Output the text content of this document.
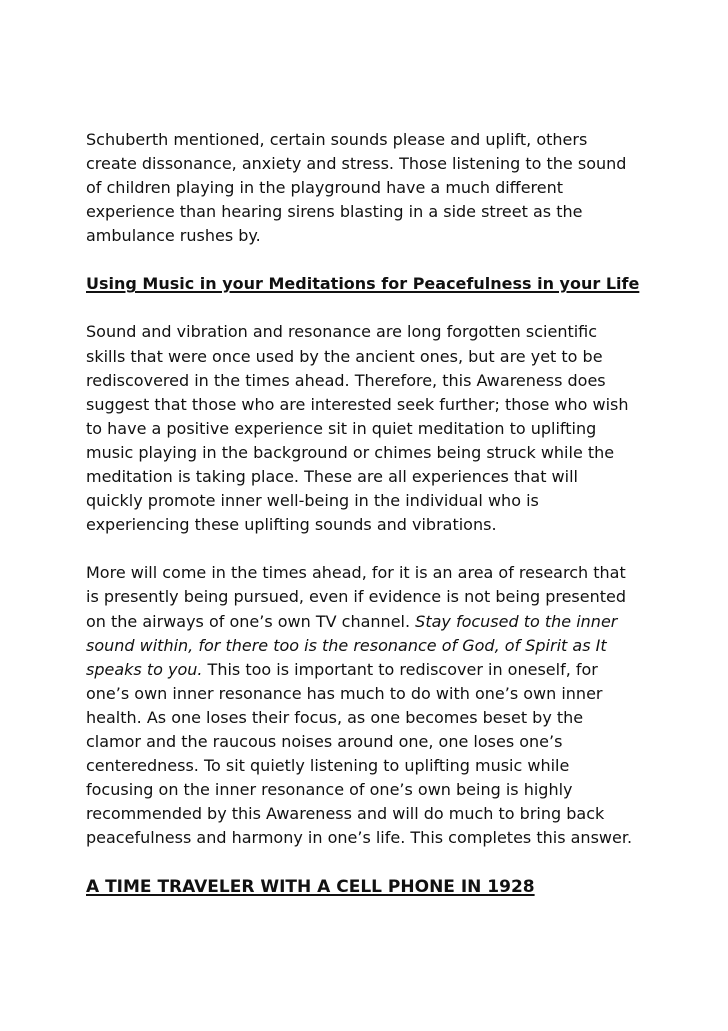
Schuberth mentioned, certain sounds please and uplift, others
create dissonance, anxiety and stress. Those listening to the sound
of children playing in the playground have a much different
experience than hearing sirens blasting in a side street as the
ambulance rushes by.

Using Music in your Meditations for Peacefulness in your Life

Sound and vibration and resonance are long forgotten scientific
skills that were once used by the ancient ones, but are yet to be
rediscovered in the times ahead. Therefore, this Awareness does
suggest that those who are interested seek further; those who wish
to have a positive experience sit in quiet meditation to uplifting
music playing in the background or chimes being struck while the
meditation is taking place. These are all experiences that will
quickly promote inner well-being in the individual who is
experiencing these uplifting sounds and vibrations.

More will come in the times ahead, for it is an area of research that
is presently being pursued, even if evidence is not being presented
on the airways of one’s own TV channel. Stay focused to the inner
sound within, for there too is the resonance of God, of Spirit as It
speaks to you. This too is important to rediscover in oneself, for
one’s own inner resonance has much to do with one’s own inner
health. As one loses their focus, as one becomes beset by the
clamor and the raucous noises around one, one loses one’s
centeredness. To sit quietly listening to uplifting music while
focusing on the inner resonance of one’s own being is highly
recommended by this Awareness and will do much to bring back
peacefulness and harmony in one’s life. This completes this answer.

A TIME TRAVELER WITH A CELL PHONE IN 1928
